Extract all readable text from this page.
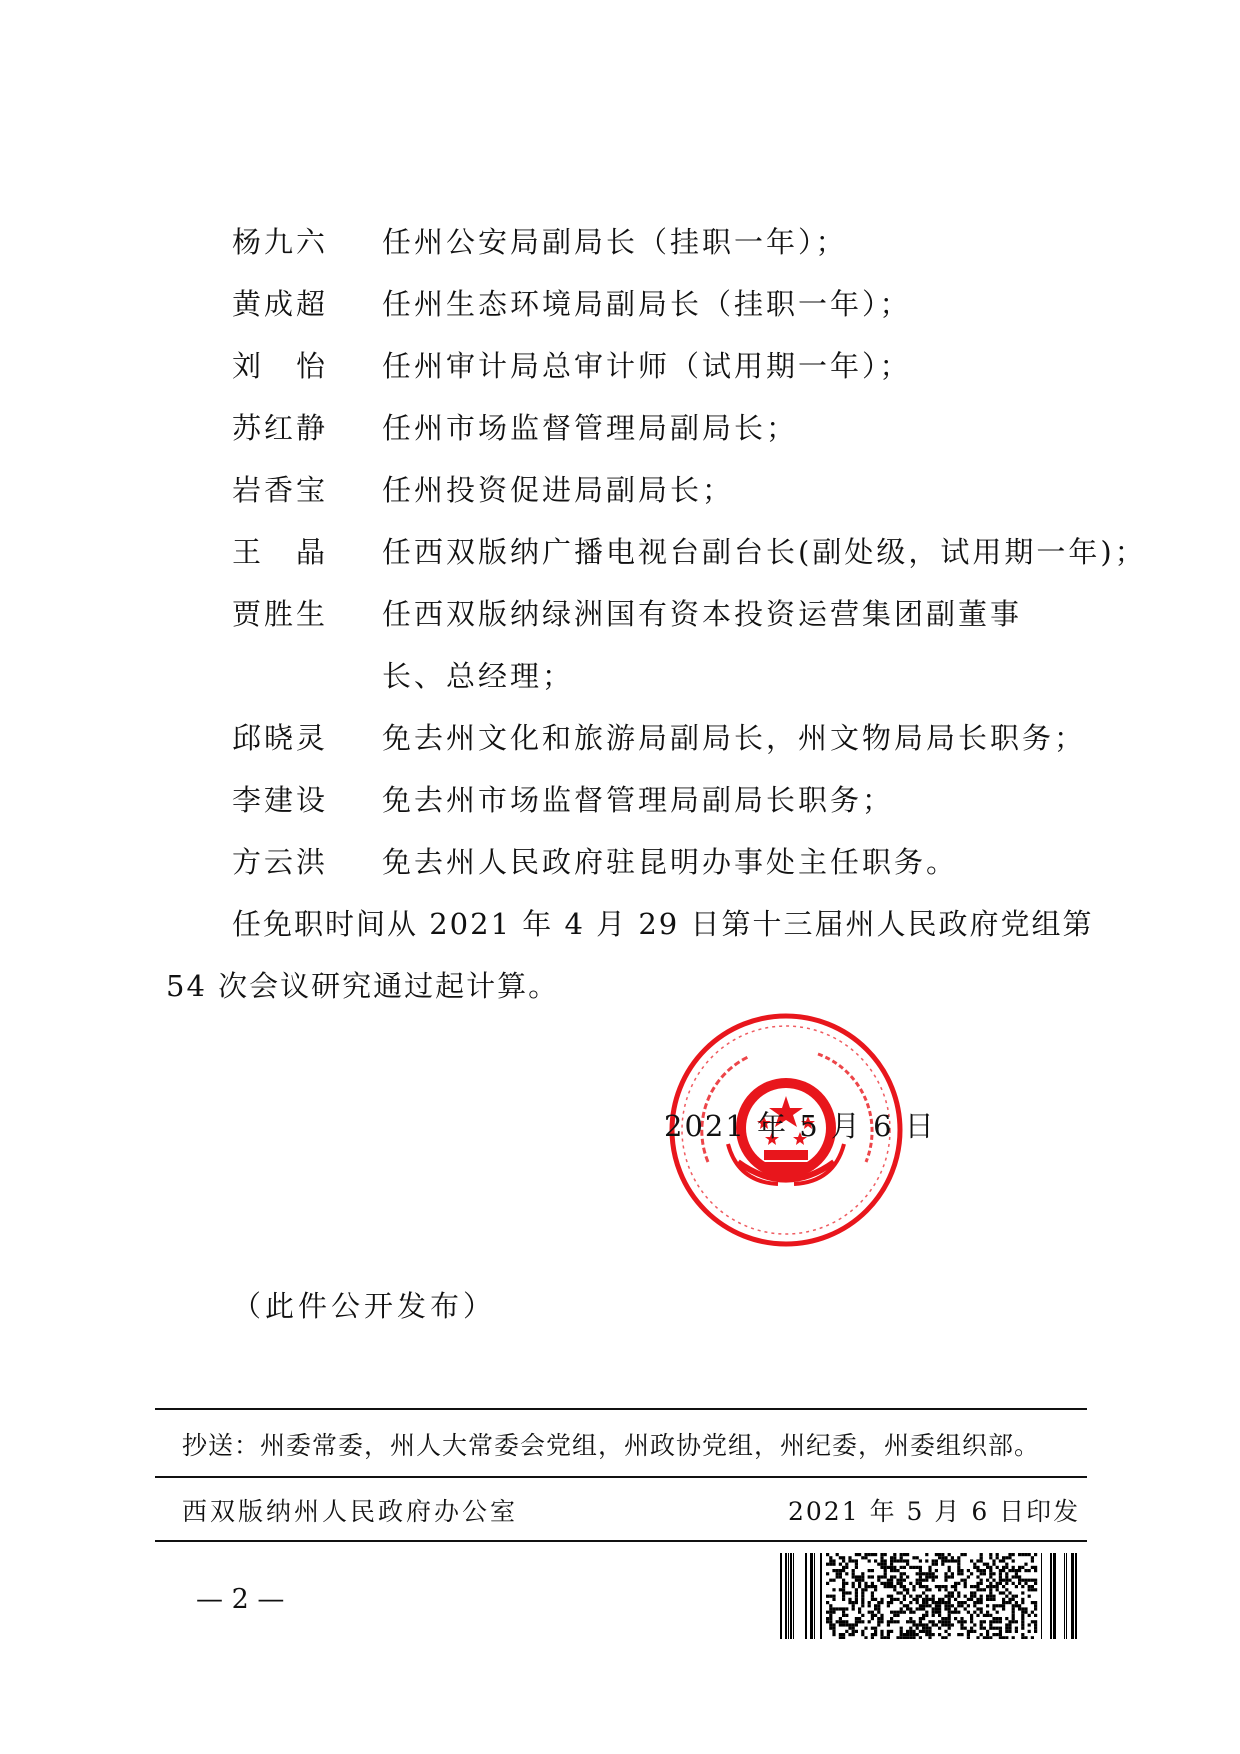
杨九六 任州公安局副局长（挂职一年）；
黄成超 任州生态环境局副局长（挂职一年）；
刘　怡 任州审计局总审计师（试用期一年）；
苏红静 任州市场监督管理局副局长；
岩香宝 任州投资促进局副局长；
王　晶 任西双版纳广播电视台副台长(副处级，试用期一年)；
贾胜生 任西双版纳绿洲国有资本投资运营集团副董事
长、总经理；
邱晓灵 免去州文化和旅游局副局长，州文物局局长职务；
李建设 免去州市场监督管理局副局长职务；
方云洪 免去州人民政府驻昆明办事处主任职务。
任免职时间从 2021 年 4 月 29 日第十三届州人民政府党组第
54 次会议研究通过起计算。
2021 年 5 月 6 日
（此件公开发布）
抄送：州委常委，州人大常委会党组，州政协党组，州纪委，州委组织部。
西双版纳州人民政府办公室	2021 年 5 月 6 日印发
— 2 —
